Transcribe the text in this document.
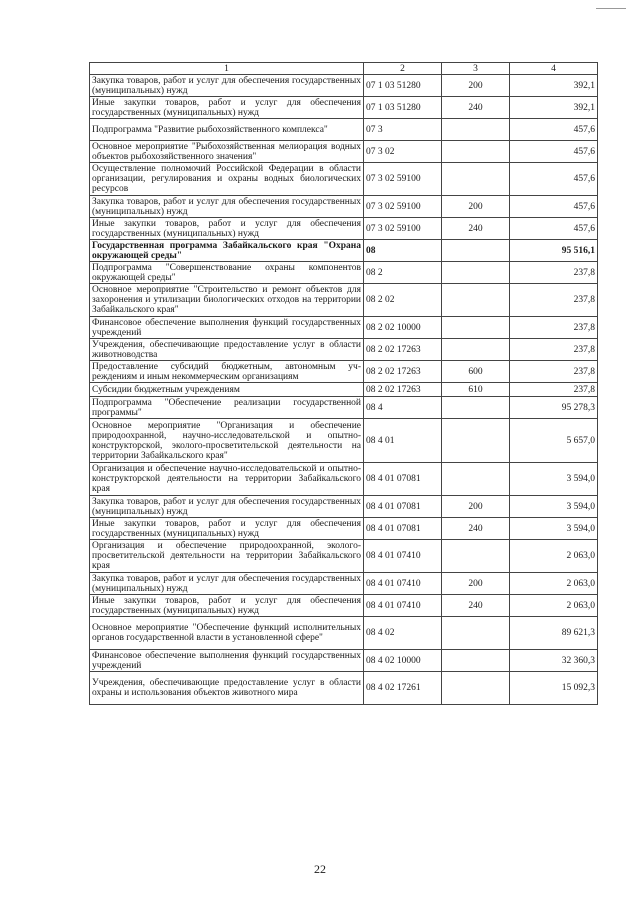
1	2	3	4
Закупка товаров, работ и услуг для обеспечения государственных (муниципальных) нужд	07 1 03 51280	200	392,1
Иные закупки товаров, работ и услуг для обеспечения государственных (муниципальных) нужд	07 1 03 51280	240	392,1
Подпрограмма "Развитие рыбохозяйственного комплекса"	07 3		457,6
Основное мероприятие "Рыбохозяйственная мелиорация водных объектов рыбохозяйственного значения"	07 3 02		457,6
Осуществление полномочий Российской Федерации в области организации, регулирования и охраны водных биологических ресурсов	07 3 02 59100		457,6
Закупка товаров, работ и услуг для обеспечения государственных (муниципальных) нужд	07 3 02 59100	200	457,6
Иные закупки товаров, работ и услуг для обеспечения государственных (муниципальных) нужд	07 3 02 59100	240	457,6
Государственная программа Забайкальского края "Охрана окружающей среды"	08		95 516,1
Подпрограмма "Совершенствование охраны компонентов окружающей среды"	08 2		237,8
Основное мероприятие "Строительство и ремонт объектов для захоронения и утилизации биологических отходов на территории Забайкальского края"	08 2 02		237,8
Финансовое обеспечение выполнения функций государственных учреждений	08 2 02 10000		237,8
Учреждения, обеспечивающие предоставление услуг в области животноводства	08 2 02 17263		237,8
Предоставление субсидий бюджетным, автономным учреждениям и иным некоммерческим организациям	08 2 02 17263	600	237,8
Субсидии бюджетным учреждениям	08 2 02 17263	610	237,8
Подпрограмма "Обеспечение реализации государственной программы"	08 4		95 278,3
Основное мероприятие "Организация и обеспечение природоохранной, научно-исследовательской и опытно-конструкторской, эколого-просветительской деятельности на территории Забайкальского края"	08 4 01		5 657,0
Организация и обеспечение научно-исследовательской и опытно-конструкторской деятельности на территории Забайкальского края	08 4 01 07081		3 594,0
Закупка товаров, работ и услуг для обеспечения государственных (муниципальных) нужд	08 4 01 07081	200	3 594,0
Иные закупки товаров, работ и услуг для обеспечения государственных (муниципальных) нужд	08 4 01 07081	240	3 594,0
Организация и обеспечение природоохранной, эколого-просветительской деятельности на территории Забайкальского края	08 4 01 07410		2 063,0
Закупка товаров, работ и услуг для обеспечения государственных (муниципальных) нужд	08 4 01 07410	200	2 063,0
Иные закупки товаров, работ и услуг для обеспечения государственных (муниципальных) нужд	08 4 01 07410	240	2 063,0
Основное мероприятие "Обеспечение функций исполнительных органов государственной власти в установленной сфере"	08 4 02		89 621,3
Финансовое обеспечение выполнения функций государственных учреждений	08 4 02 10000		32 360,3
Учреждения, обеспечивающие предоставление услуг в области охраны и использования объектов животного мира	08 4 02 17261		15 092,3
22
